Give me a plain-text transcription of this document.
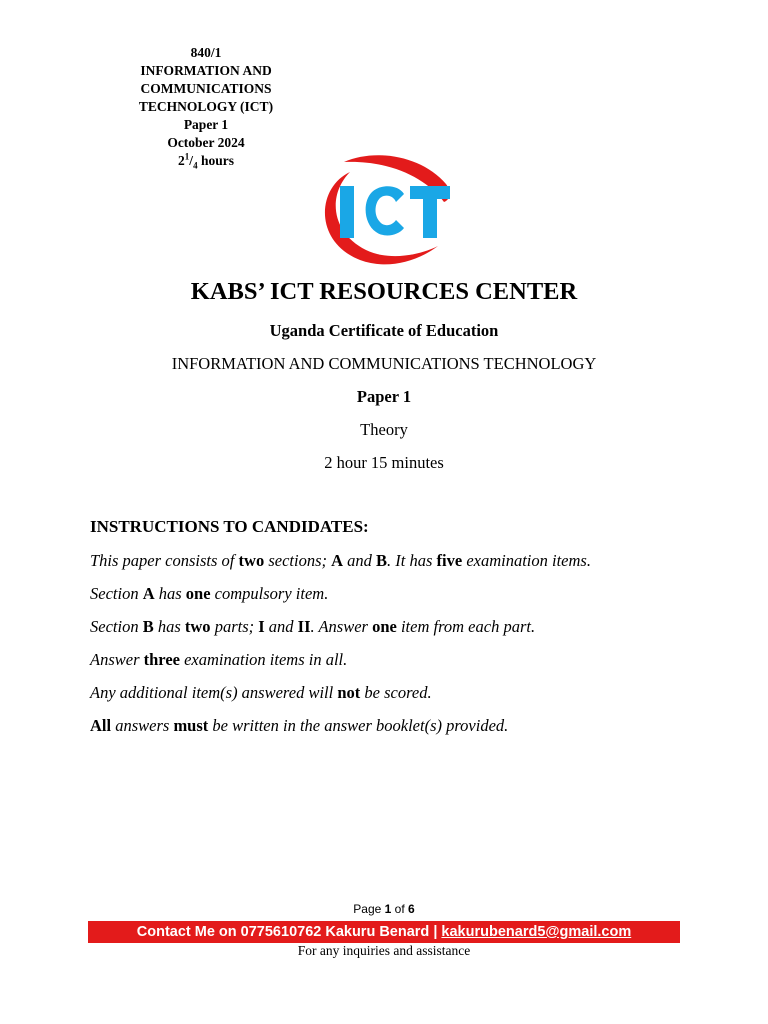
840/1
INFORMATION AND
COMMUNICATIONS
TECHNOLOGY (ICT)
Paper 1
October 2024
$2^1/_4$ hours
KABS’ ICT RESOURCES CENTER
Uganda Certificate of Education
INFORMATION AND COMMUNICATIONS TECHNOLOGY
Paper 1
Theory
2 hour 15 minutes
INSTRUCTIONS TO CANDIDATES:
This paper consists of two sections; A and B. It has five examination items.
Section A has one compulsory item.
Section B has two parts; I and II. Answer one item from each part.
Answer three examination items in all.
Any additional item(s) answered will not be scored.
All answers must be written in the answer booklet(s) provided.
Page 1 of 6
Contact Me on 0775610762 Kakuru Benard | kakurubenard5@gmail.com
For any inquiries and assistance
